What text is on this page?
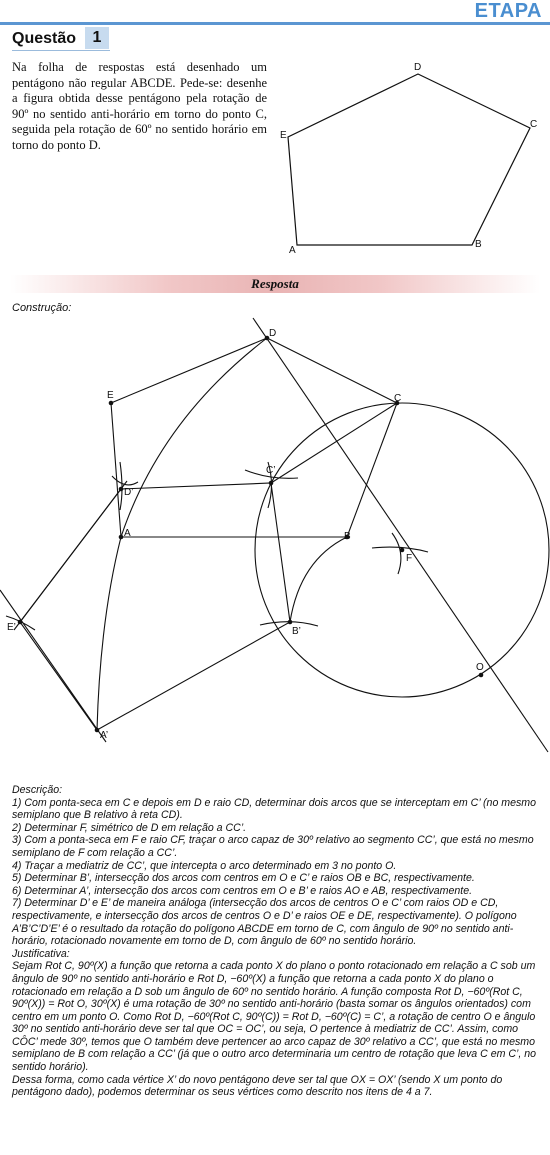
ETAPA
Questão	1
Na folha de respostas está desenhado um pentágono não regular ABCDE. Pede-se: desenhe a figura obtida desse pentágono pela rotação de 90º no sentido anti-horário em torno do ponto C, seguida pela rotação de 60º no sentido horário em torno do ponto D.
A
B
C
D
E
Resposta
Construção:
D
E	C
C’
D’
A	B
F
E’	B’
O
A’

Descrição:

1) Com ponta-seca em C e depois em D e raio CD, determinar dois arcos que se interceptam em C’ (no mesmo semiplano que B relativo à reta CD).

2) Determinar F, simétrico de D em relação a CC’.

3) Com a ponta-seca em F e raio CF, traçar o arco capaz de 30º relativo ao segmento CC’, que está no mesmo semiplano de F com relação a CC’.

4) Traçar a mediatriz de CC’, que intercepta o arco determinado em 3 no ponto O.

5) Determinar B’, intersecção dos arcos com centros em O e C’ e raios OB e BC, respectivamente.

6) Determinar A’, intersecção dos arcos com centros em O e B’ e raios AO e AB, respectivamente.

7) Determinar D’ e E’ de maneira análoga (intersecção dos arcos de centros O e C’ com raios OD e CD, respectivamente, e intersecção dos arcos de centros O e D’ e raios OE e DE, respectivamente). O polígono A’B’C’D’E’ é o resultado da rotação do polígono ABCDE em torno de C, com ângulo de 90º no sentido anti-horário, rotacionado novamente em torno de D, com ângulo de 60º no sentido horário.

Justificativa:

Sejam Rot C, 90º(X) a função que retorna a cada ponto X do plano o ponto rotacionado em relação a C sob um ângulo de 90º no sentido anti-horário e Rot D, −60º(X) a função que retorna a cada ponto X do plano o rotacionado em relação a D sob um ângulo de 60º no sentido horário. A função composta Rot D, −60º(Rot C, 90º(X)) = Rot O, 30º(X) é uma rotação de 30º no sentido anti-horário (basta somar os ângulos orientados) com centro em um ponto O. Como Rot D, −60º(Rot C, 90º(C)) = Rot D, −60º(C) = C’, a rotação de centro O e ângulo 30º no sentido anti-horário deve ser tal que OC = OC’, ou seja, O pertence à mediatriz de CC’. Assim, como CÔC’ mede 30º, temos que O também deve pertencer ao arco capaz de 30º relativo a CC’, que está no mesmo semiplano de B com relação a CC’ (já que o outro arco determinaria um centro de rotação que leva C em C’, no sentido horário).

Dessa forma, como cada vértice X’ do novo pentágono deve ser tal que OX = OX’ (sendo X um ponto do pentágono dado), podemos determinar os seus vértices como descrito nos itens de 4 a 7.
